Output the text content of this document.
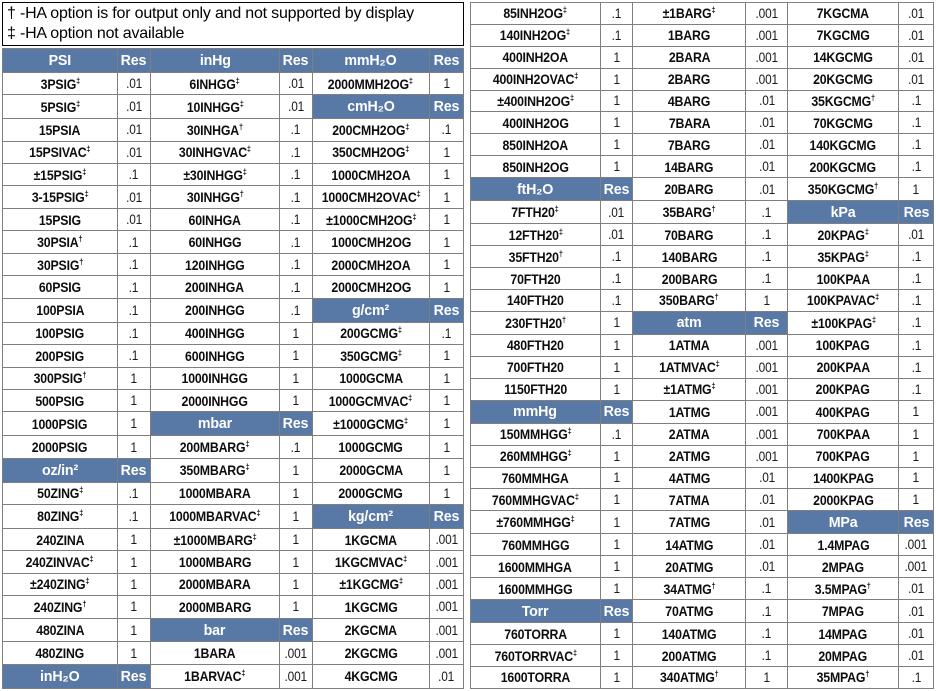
† -HA option is for output only and not supported by display
‡ -HA option not available
PSI	Res	inHg	Res	mmH₂O	Res
3PSIG‡	.01	6INHGG‡	.01	2000MMH2OG‡	1
5PSIG‡	.01	10INHGG‡	.01	cmH₂O	Res
15PSIA	.01	30INHGA†	.1	200CMH2OG‡	.1
15PSIVAC‡	.01	30INHGVAC‡	.1	350CMH2OG‡	1
±15PSIG‡	.1	±30INHGG‡	.1	1000CMH2OA	1
3-15PSIG‡	.01	30INHGG†	.1	1000CMH2OVAC‡	1
15PSIG	.01	60INHGA	.1	±1000CMH2OG‡	1
30PSIA†	.1	60INHGG	.1	1000CMH2OG	1
30PSIG†	.1	120INHGG	.1	2000CMH2OA	1
60PSIG	.1	200INHGA	.1	2000CMH2OG	1
100PSIA	.1	200INHGG	.1	g/cm²	Res
100PSIG	.1	400INHGG	1	200GCMG‡	.1
200PSIG	.1	600INHGG	1	350GCMG‡	1
300PSIG†	1	1000INHGG	1	1000GCMA	1
500PSIG	1	2000INHGG	1	1000GCMVAC‡	1
1000PSIG	1	mbar	Res	±1000GCMG‡	1
2000PSIG	1	200MBARG‡	.1	1000GCMG	1
oz/in²	Res	350MBARG‡	1	2000GCMA	1
50ZING‡	.1	1000MBARA	1	2000GCMG	1
80ZING‡	.1	1000MBARVAC‡	1	kg/cm²	Res
240ZINA	1	±1000MBARG‡	1	1KGCMA	.001
240ZINVAC‡	1	1000MBARG	1	1KGCMVAC‡	.001
±240ZING‡	1	2000MBARA	1	±1KGCMG‡	.001
240ZING†	1	2000MBARG	1	1KGCMG	.001
480ZINA	1	bar	Res	2KGCMA	.001
480ZING	1	1BARA	.001	2KGCMG	.001
inH₂O	Res	1BARVAC‡	.001	4KGCMG	.01
85INH2OG‡	.1	±1BARG‡	.001	7KGCMA	.01
140INH2OG‡	.1	1BARG	.001	7KGCMG	.01
400INH2OA	1	2BARA	.001	14KGCMG	.01
400INH2OVAC‡	1	2BARG	.001	20KGCMG	.01
±400INH2OG‡	1	4BARG	.01	35KGCMG†	.1
400INH2OG	1	7BARA	.01	70KGCMG	.1
850INH2OA	1	7BARG	.01	140KGCMG	.1
850INH2OG	1	14BARG	.01	200KGCMG	.1
ftH₂O	Res	20BARG	.01	350KGCMG†	1
7FTH20‡	.01	35BARG†	.1	kPa	Res
12FTH20‡	.01	70BARG	.1	20KPAG‡	.01
35FTH20†	.1	140BARG	.1	35KPAG‡	.1
70FTH20	.1	200BARG	.1	100KPAA	.1
140FTH20	.1	350BARG†	1	100KPAVAC‡	.1
230FTH20†	1	atm	Res	±100KPAG‡	.1
480FTH20	1	1ATMA	.001	100KPAG	.1
700FTH20	1	1ATMVAC‡	.001	200KPAA	.1
1150FTH20	1	±1ATMG‡	.001	200KPAG	.1
mmHg	Res	1ATMG	.001	400KPAG	1
150MMHGG‡	.1	2ATMA	.001	700KPAA	1
260MMHGG‡	1	2ATMG	.001	700KPAG	1
760MMHGA	1	4ATMG	.01	1400KPAG	1
760MMHGVAC‡	1	7ATMA	.01	2000KPAG	1
±760MMHGG‡	1	7ATMG	.01	MPa	Res
760MMHGG	1	14ATMG	.01	1.4MPAG	.001
1600MMHGA	1	20ATMG	.01	2MPAG	.001
1600MMHGG	1	34ATMG†	.1	3.5MPAG†	.01
Torr	Res	70ATMG	.1	7MPAG	.01
760TORRA	1	140ATMG	.1	14MPAG	.01
760TORRVAC‡	1	200ATMG	.1	20MPAG	.01
1600TORRA	1	340ATMG†	1	35MPAG†	.1
